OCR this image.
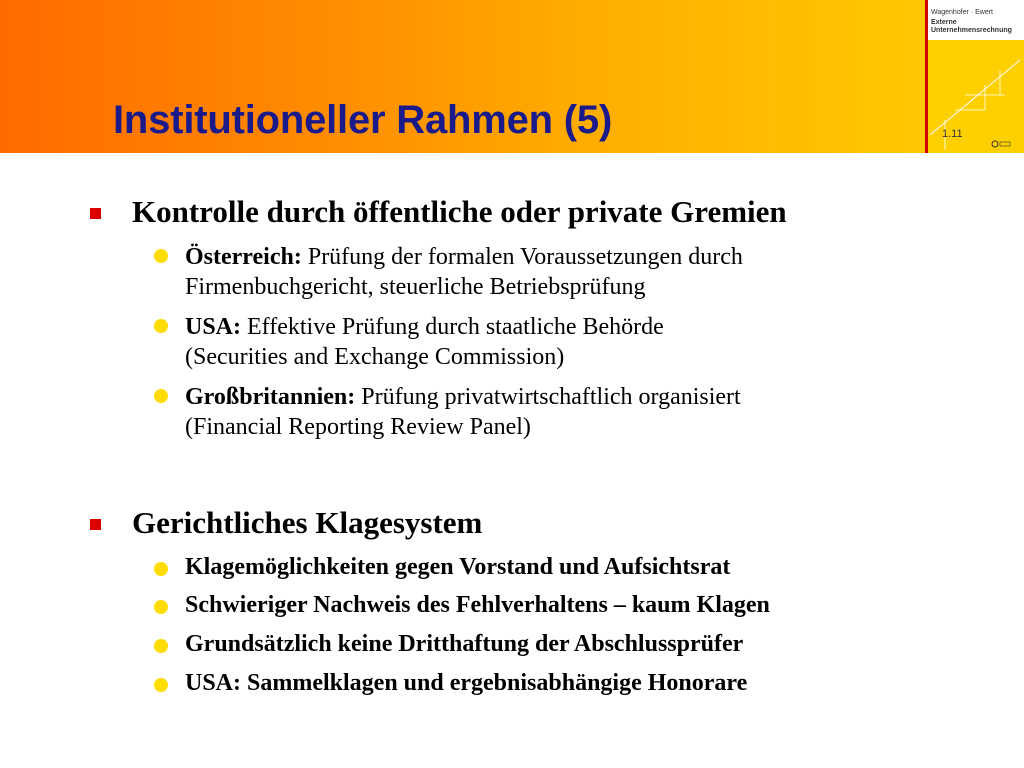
Institutioneller Rahmen (5)
Wagenhofer · Ewert
Externe
Unternehmensrechnung
1.11
Kontrolle durch öffentliche oder private Gremien
Österreich: Prüfung der formalen Voraussetzungen durch
Firmenbuchgericht, steuerliche Betriebsprüfung
USA: Effektive Prüfung durch staatliche Behörde
(Securities and Exchange Commission)
Großbritannien: Prüfung privatwirtschaftlich organisiert
(Financial Reporting Review Panel)
Gerichtliches Klagesystem
Klagemöglichkeiten gegen Vorstand und Aufsichtsrat
Schwieriger Nachweis des Fehlverhaltens – kaum Klagen
Grundsätzlich keine Dritthaftung der Abschlussprüfer
USA: Sammelklagen und ergebnisabhängige Honorare
